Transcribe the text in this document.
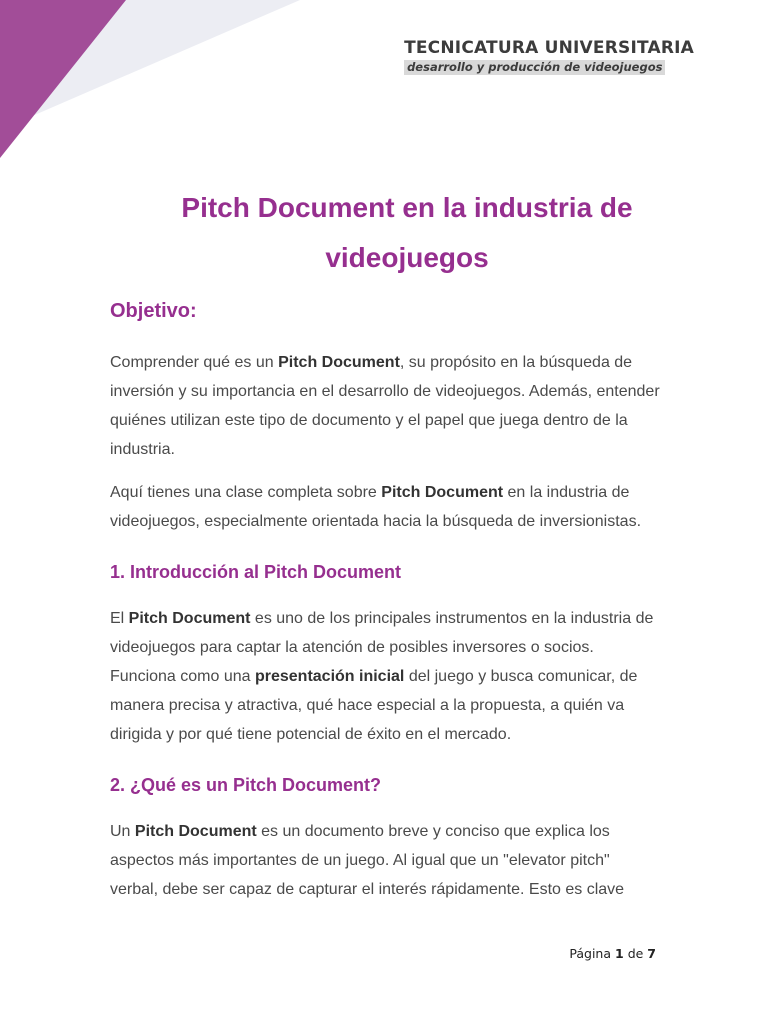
TECNICATURA UNIVERSITARIA
desarrollo y producción de videojuegos
Pitch Document en la industria de videojuegos
Objetivo:

Comprender qué es un Pitch Document, su propósito en la búsqueda de inversión y su importancia en el desarrollo de videojuegos. Además, entender quiénes utilizan este tipo de documento y el papel que juega dentro de la industria.

Aquí tienes una clase completa sobre Pitch Document en la industria de videojuegos, especialmente orientada hacia la búsqueda de inversionistas.

1. Introducción al Pitch Document

El Pitch Document es uno de los principales instrumentos en la industria de videojuegos para captar la atención de posibles inversores o socios. Funciona como una presentación inicial del juego y busca comunicar, de manera precisa y atractiva, qué hace especial a la propuesta, a quién va dirigida y por qué tiene potencial de éxito en el mercado.

2. ¿Qué es un Pitch Document?

Un Pitch Document es un documento breve y conciso que explica los aspectos más importantes de un juego. Al igual que un "elevator pitch" verbal, debe ser capaz de capturar el interés rápidamente. Esto es clave

Página 1 de 7
